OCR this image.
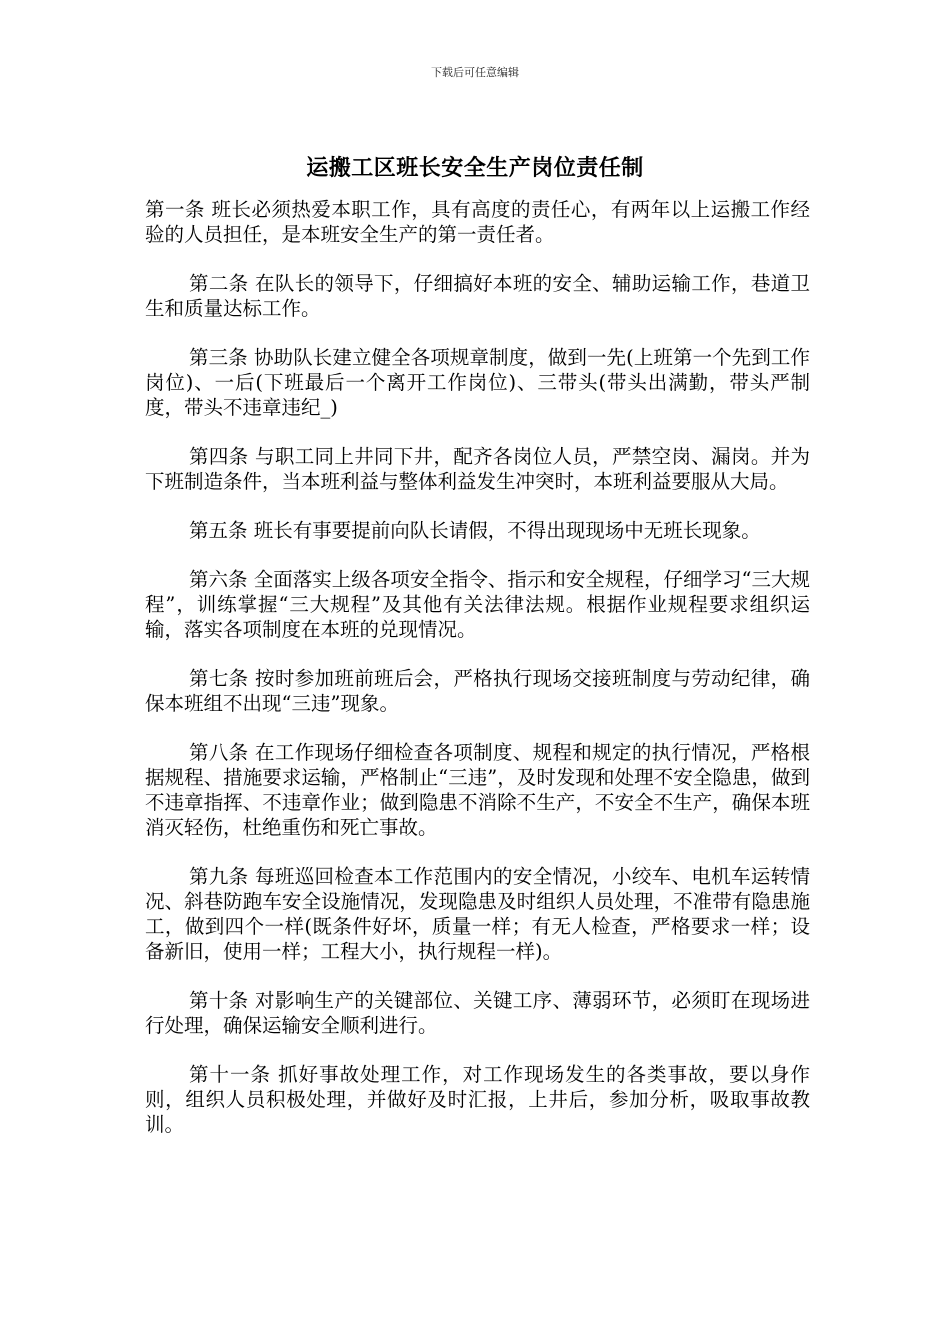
下载后可任意编辑
运搬工区班长安全生产岗位责任制

第一条 班长必须热爱本职工作，具有高度的责任心，有两年以上运搬工作经验的人员担任，是本班安全生产的第一责任者。

第二条 在队长的领导下，仔细搞好本班的安全、辅助运输工作，巷道卫生和质量达标工作。

第三条 协助队长建立健全各项规章制度，做到一先(上班第一个先到工作岗位)、一后(下班最后一个离开工作岗位)、三带头(带头出满勤，带头严制度，带头不违章违纪_)

第四条 与职工同上井同下井，配齐各岗位人员，严禁空岗、漏岗。并为下班制造条件，当本班利益与整体利益发生冲突时，本班利益要服从大局。

第五条 班长有事要提前向队长请假，不得出现现场中无班长现象。

第六条 全面落实上级各项安全指令、指示和安全规程，仔细学习“三大规程”，训练掌握“三大规程”及其他有关法律法规。根据作业规程要求组织运输，落实各项制度在本班的兑现情况。

第七条 按时参加班前班后会，严格执行现场交接班制度与劳动纪律，确保本班组不出现“三违”现象。

第八条 在工作现场仔细检查各项制度、规程和规定的执行情况，严格根据规程、措施要求运输，严格制止“三违”，及时发现和处理不安全隐患，做到不违章指挥、不违章作业；做到隐患不消除不生产，不安全不生产，确保本班消灭轻伤，杜绝重伤和死亡事故。

第九条 每班巡回检查本工作范围内的安全情况，小绞车、电机车运转情况、斜巷防跑车安全设施情况，发现隐患及时组织人员处理，不准带有隐患施工，做到四个一样(既条件好坏，质量一样；有无人检查，严格要求一样；设备新旧，使用一样；工程大小，执行规程一样)。

第十条 对影响生产的关键部位、关键工序、薄弱环节，必须盯在现场进行处理，确保运输安全顺利进行。

第十一条 抓好事故处理工作，对工作现场发生的各类事故，要以身作则，组织人员积极处理，并做好及时汇报，上井后，参加分析，吸取事故教训。
